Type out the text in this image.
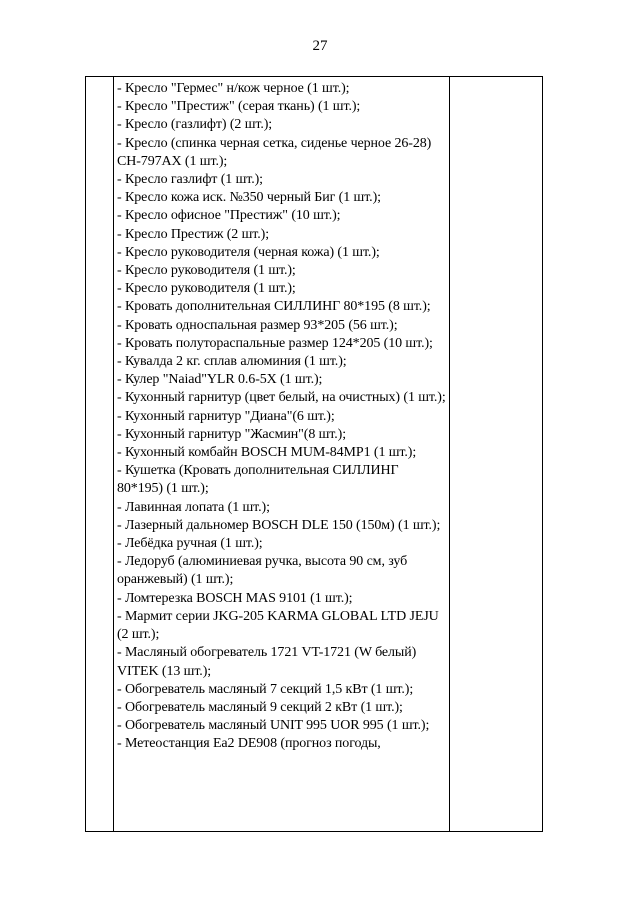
27
- Кресло "Гермес" н/кож черное (1 шт.);
- Кресло "Престиж" (серая ткань) (1 шт.);
- Кресло (газлифт) (2 шт.);
- Кресло (спинка черная сетка, сиденье черное 26-28) CH-797AX (1 шт.);
- Кресло газлифт (1 шт.);
- Кресло кожа иск. №350 черный Биг (1 шт.);
- Кресло офисное "Престиж" (10 шт.);
- Кресло Престиж (2 шт.);
- Кресло руководителя (черная кожа) (1 шт.);
- Кресло руководителя (1 шт.);
- Кресло руководителя (1 шт.);
- Кровать дополнительная СИЛЛИНГ 80*195 (8 шт.);
- Кровать односпальная размер 93*205 (56 шт.);
- Кровать полутораспальные размер 124*205 (10 шт.);
- Кувалда 2 кг. сплав алюминия (1 шт.);
- Кулер "Naiad"YLR 0.6-5X (1 шт.);
- Кухонный гарнитур (цвет белый, на очистных) (1 шт.);
- Кухонный гарнитур "Диана"(6 шт.);
- Кухонный гарнитур "Жасмин"(8 шт.);
- Кухонный комбайн BOSCH MUM-84MP1 (1 шт.);
- Кушетка (Кровать дополнительная СИЛЛИНГ 80*195) (1 шт.);
- Лавинная лопата (1 шт.);
- Лазерный дальномер BOSCH DLE 150 (150м) (1 шт.);
- Лебёдка ручная (1 шт.);
- Ледоруб (алюминиевая ручка, высота 90 см, зуб оранжевый) (1 шт.);
- Ломтерезка BOSCH MAS 9101 (1 шт.);
- Мармит серии JKG-205 KARMA GLOBAL LTD JEJU (2 шт.);
- Масляный обогреватель 1721 VT-1721 (W белый) VITEK (13 шт.);
- Обогреватель масляный 7 секций 1,5 кВт (1 шт.);
- Обогреватель масляный 9 секций 2 кВт (1 шт.);
- Обогреватель масляный UNIT 995 UOR 995 (1 шт.);
- Метеостанция Ea2 DE908 (прогноз погоды,
